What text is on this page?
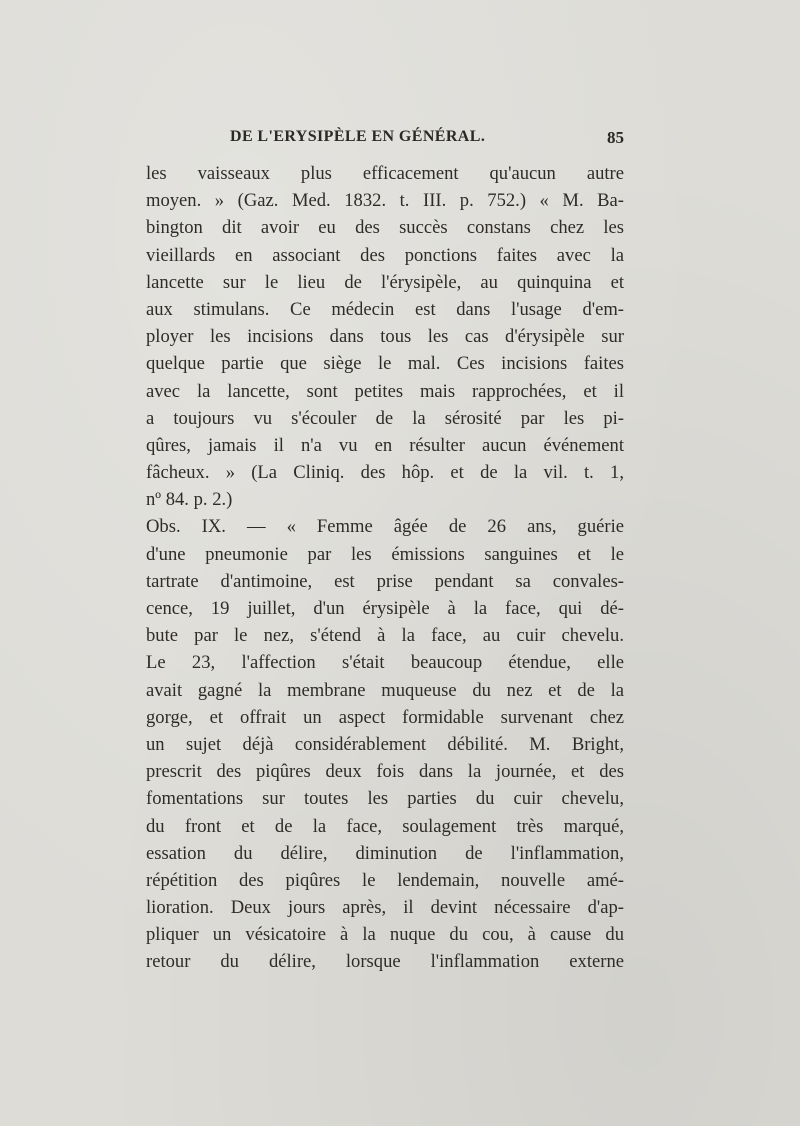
DE L'ERYSIPÈLE EN GÉNÉRAL.	85
les vaisseaux plus efficacement qu'aucun autre
moyen. » (Gaz. Med. 1832. t. III. p. 752.) « M. Ba-
bington dit avoir eu des succès constans chez les
vieillards en associant des ponctions faites avec la
lancette sur le lieu de l'érysipèle, au quinquina et
aux stimulans. Ce médecin est dans l'usage d'em-
ployer les incisions dans tous les cas d'érysipèle sur
quelque partie que siège le mal. Ces incisions faites
avec la lancette, sont petites mais rapprochées, et il
a toujours vu s'écouler de la sérosité par les pi-
qûres, jamais il n'a vu en résulter aucun événement
fâcheux. » (La Cliniq. des hôp. et de la vil. t. 1,
nº 84. p. 2.)
Obs. IX. — « Femme âgée de 26 ans, guérie
d'une pneumonie par les émissions sanguines et le
tartrate d'antimoine, est prise pendant sa convales-
cence, 19 juillet, d'un érysipèle à la face, qui dé-
bute par le nez, s'étend à la face, au cuir chevelu.
Le 23, l'affection s'était beaucoup étendue, elle
avait gagné la membrane muqueuse du nez et de la
gorge, et offrait un aspect formidable survenant chez
un sujet déjà considérablement débilité. M. Bright,
prescrit des piqûres deux fois dans la journée, et des
fomentations sur toutes les parties du cuir chevelu,
du front et de la face, soulagement très marqué,
essation du délire, diminution de l'inflammation,
répétition des piqûres le lendemain, nouvelle amé-
lioration. Deux jours après, il devint nécessaire d'ap-
pliquer un vésicatoire à la nuque du cou, à cause du
retour du délire, lorsque l'inflammation externe
